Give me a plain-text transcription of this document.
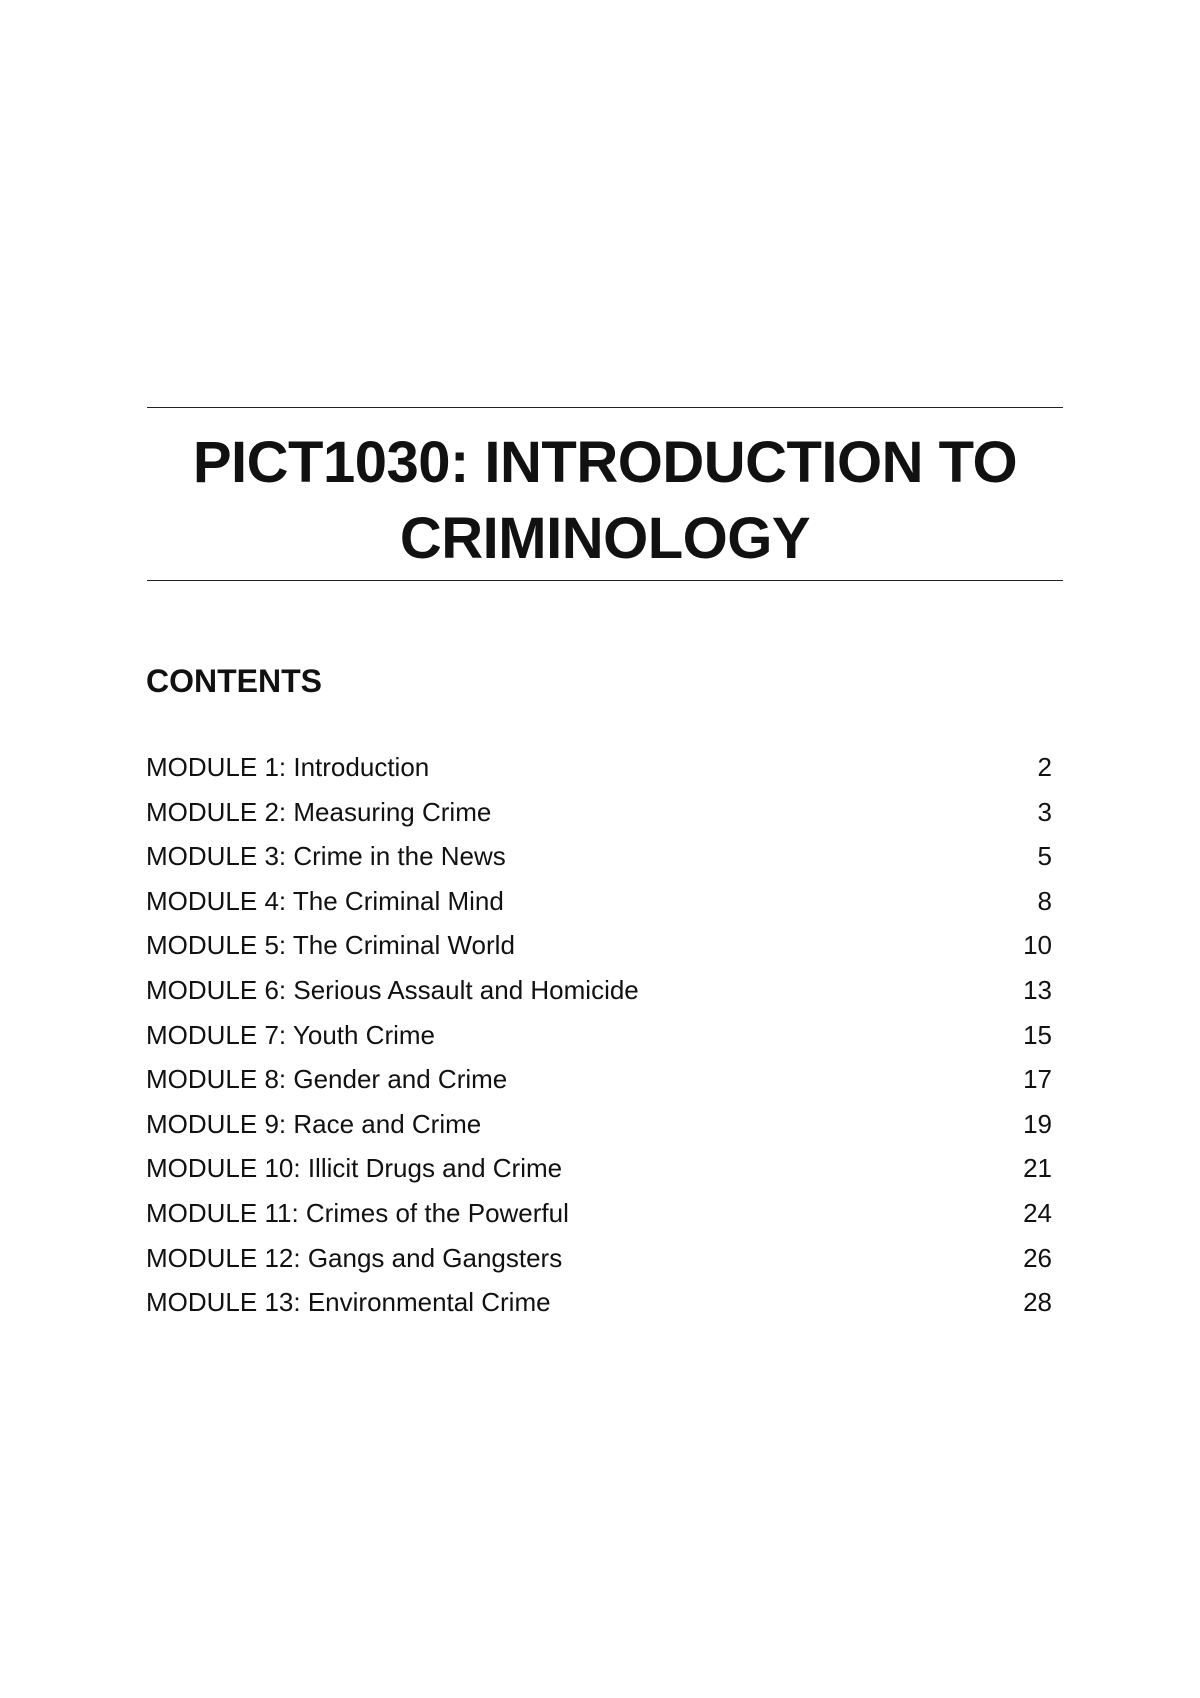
PICT1030: INTRODUCTION TO CRIMINOLOGY
CONTENTS
MODULE 1: Introduction	2
MODULE 2: Measuring Crime	3
MODULE 3: Crime in the News	5
MODULE 4: The Criminal Mind	8
MODULE 5: The Criminal World	10
MODULE 6: Serious Assault and Homicide	13
MODULE 7: Youth Crime	15
MODULE 8: Gender and Crime	17
MODULE 9: Race and Crime	19
MODULE 10: Illicit Drugs and Crime	21
MODULE 11: Crimes of the Powerful	24
MODULE 12: Gangs and Gangsters	26
MODULE 13: Environmental Crime	28
